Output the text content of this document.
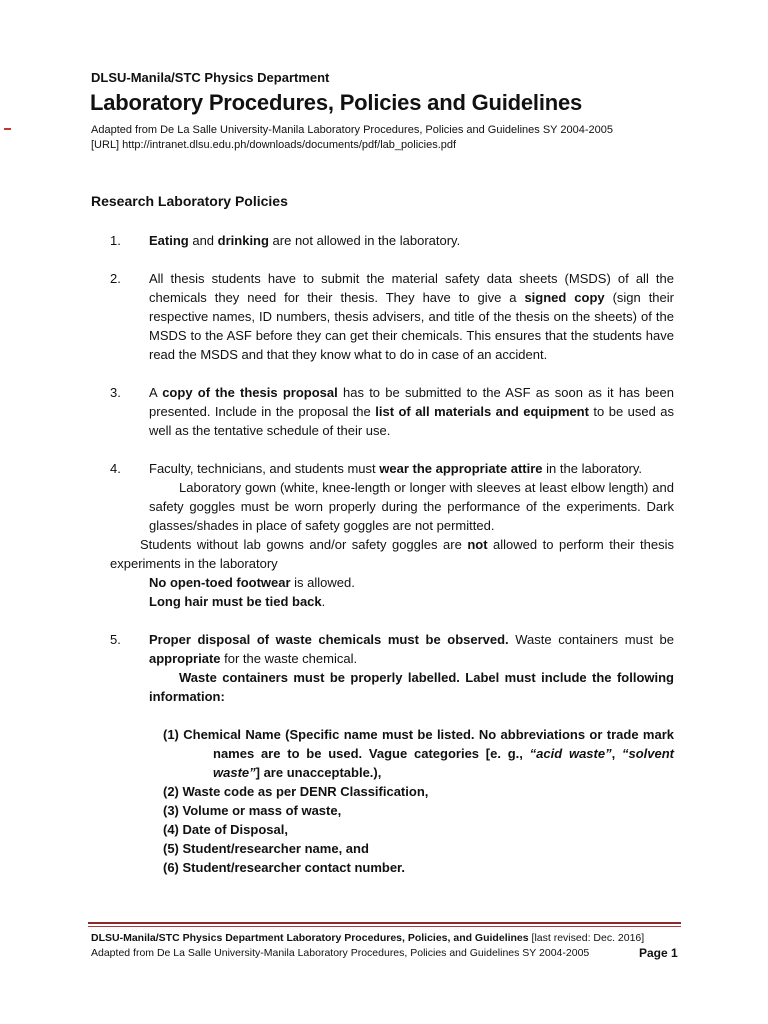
DLSU-Manila/STC Physics Department
Laboratory Procedures, Policies and Guidelines
Adapted from De La Salle University-Manila Laboratory Procedures, Policies and Guidelines SY 2004-2005
[URL] http://intranet.dlsu.edu.ph/downloads/documents/pdf/lab_policies.pdf
Research Laboratory Policies
1. Eating and drinking are not allowed in the laboratory.

2. All thesis students have to submit the material safety data sheets (MSDS) of all the chemicals they need for their thesis. They have to give a signed copy (sign their respective names, ID numbers, thesis advisers, and title of the thesis on the sheets) of the MSDS to the ASF before they can get their chemicals. This ensures that the students have read the MSDS and that they know what to do in case of an accident.

3. A copy of the thesis proposal has to be submitted to the ASF as soon as it has been presented. Include in the proposal the list of all materials and equipment to be used as well as the tentative schedule of their use.

4. Faculty, technicians, and students must wear the appropriate attire in the laboratory.

Laboratory gown (white, knee-length or longer with sleeves at least elbow length) and safety goggles must be worn properly during the performance of the experiments. Dark glasses/shades in place of safety goggles are not permitted.

Students without lab gowns and/or safety goggles are not allowed to perform their thesis experiments in the laboratory

No open-toed footwear is allowed.

Long hair must be tied back.

5. Proper disposal of waste chemicals must be observed. Waste containers must be appropriate for the waste chemical.

Waste containers must be properly labelled. Label must include the following information:

(1) Chemical Name (Specific name must be listed. No abbreviations or trade mark names are to be used. Vague categories [e. g., “acid waste”, “solvent waste”] are unacceptable.),
(2) Waste code as per DENR Classification,
(3) Volume or mass of waste,
(4) Date of Disposal,
(5) Student/researcher name, and
(6) Student/researcher contact number.
DLSU-Manila/STC Physics Department Laboratory Procedures, Policies, and Guidelines [last revised: Dec. 2016]
Adapted from De La Salle University-Manila Laboratory Procedures, Policies and Guidelines SY 2004-2005	Page 1
